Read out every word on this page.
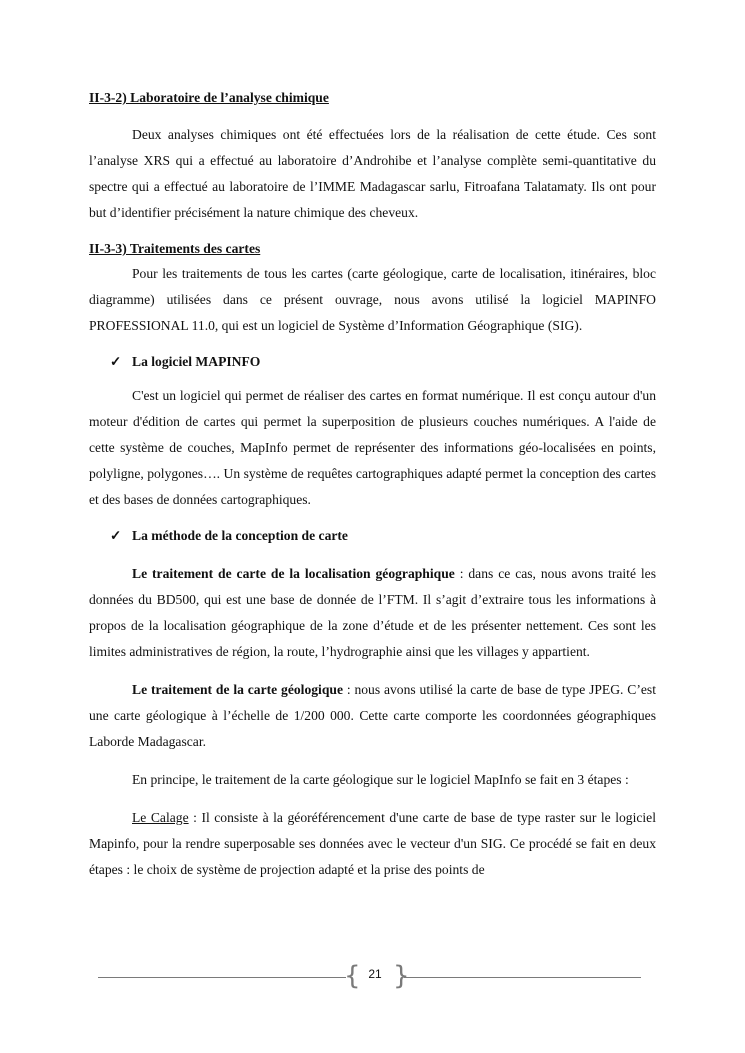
II-3-2) Laboratoire de l’analyse chimique

Deux analyses chimiques ont été effectuées lors de la réalisation de cette étude. Ces sont l’analyse XRS qui a effectué au laboratoire d’Androhibe et l’analyse complète semi-quantitative du spectre qui a effectué au laboratoire de l’IMME Madagascar sarlu, Fitroafana Talatamaty. Ils ont pour but d’identifier précisément la nature chimique des cheveux.

II-3-3) Traitements des cartes

Pour les traitements de tous les cartes (carte géologique, carte de localisation, itinéraires, bloc diagramme) utilisées dans ce présent ouvrage, nous avons utilisé la logiciel MAPINFO PROFESSIONAL 11.0, qui est un logiciel de Système d’Information Géographique (SIG).

✓ La logiciel MAPINFO

C'est un logiciel qui permet de réaliser des cartes en format numérique. Il est conçu autour d'un moteur d'édition de cartes qui permet la superposition de plusieurs couches numériques. A l'aide de cette système de couches, MapInfo permet de représenter des informations géo-localisées en points, polyligne, polygones…. Un système de requêtes cartographiques adapté permet la conception des cartes et des bases de données cartographiques.

✓ La méthode de la conception de carte

Le traitement de carte de la localisation géographique : dans ce cas, nous avons traité les données du BD500, qui est une base de donnée de l’FTM. Il s’agit d’extraire tous les informations à propos de la localisation géographique de la zone d’étude et de les présenter nettement. Ces sont les limites administratives de région, la route, l’hydrographie ainsi que les villages y appartient.

Le traitement de la carte géologique : nous avons utilisé la carte de base de type JPEG. C’est une carte géologique à l’échelle de 1/200 000. Cette carte comporte les coordonnées géographiques Laborde Madagascar.

En principe, le traitement de la carte géologique sur le logiciel MapInfo se fait en 3 étapes :

Le Calage : Il consiste à la géoréférencement d'une carte de base de type raster sur le logiciel Mapinfo, pour la rendre superposable ses données avec le vecteur d'un SIG. Ce procédé se fait en deux étapes : le choix de système de projection adapté et la prise des points de

{ }
21
